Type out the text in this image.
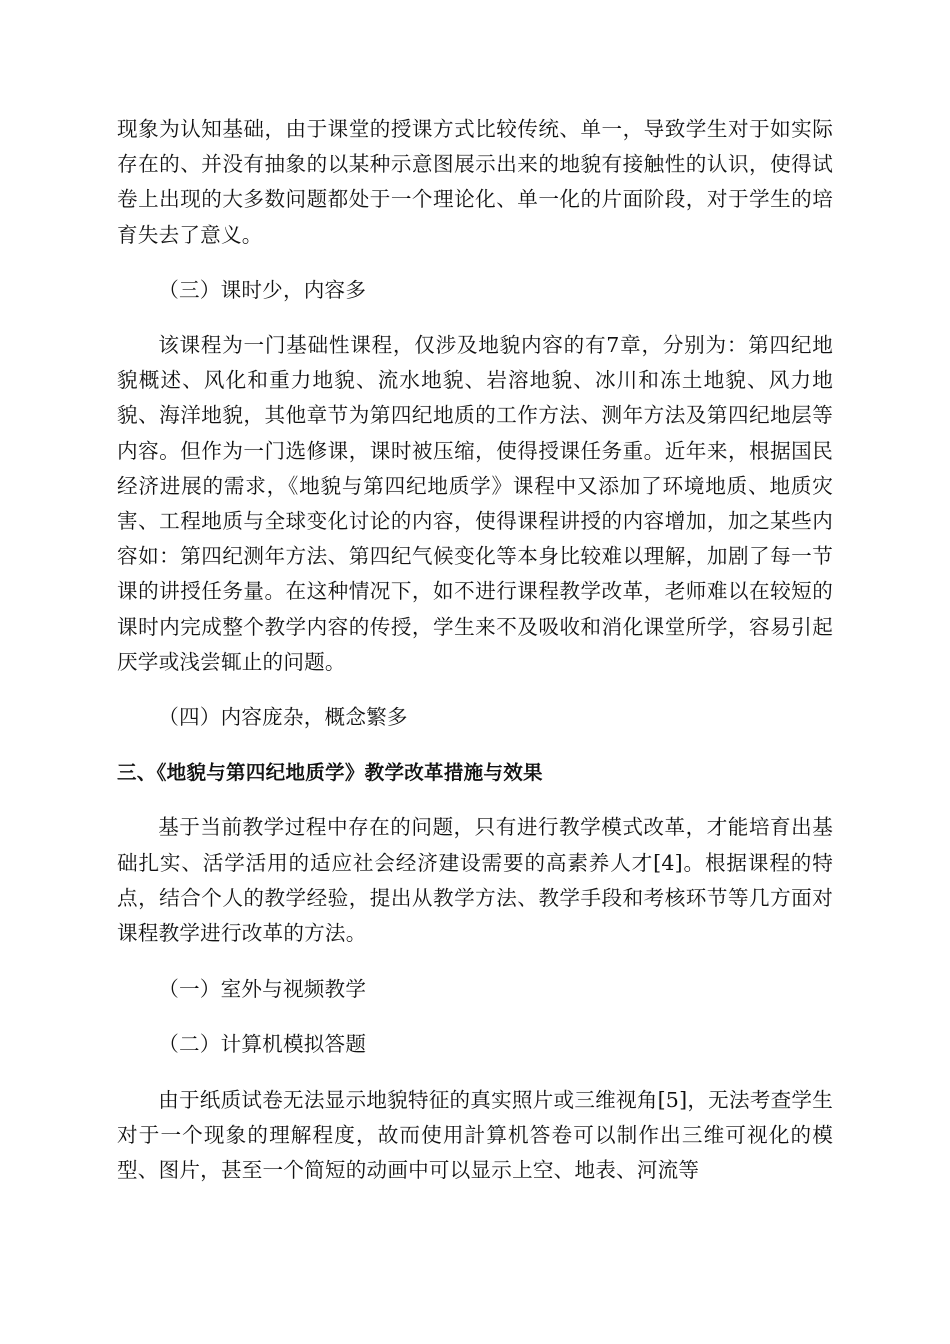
现象为认知基础，由于课堂的授课方式比较传统、单一，导致学生对于如实际存在的、并没有抽象的以某种示意图展示出来的地貌有接触性的认识，使得试卷上出现的大多数问题都处于一个理论化、单一化的片面阶段，对于学生的培育失去了意义。

（三）课时少，内容多

该课程为一门基础性课程，仅涉及地貌内容的有7章，分别为：第四纪地貌概述、风化和重力地貌、流水地貌、岩溶地貌、冰川和冻土地貌、风力地貌、海洋地貌，其他章节为第四纪地质的工作方法、测年方法及第四纪地层等内容。但作为一门选修课，课时被压缩，使得授课任务重。近年来，根据国民经济进展的需求，《地貌与第四纪地质学》课程中又添加了环境地质、地质灾害、工程地质与全球变化讨论的内容，使得课程讲授的内容增加，加之某些内容如：第四纪测年方法、第四纪气候变化等本身比较难以理解，加剧了每一节课的讲授任务量。在这种情况下，如不进行课程教学改革，老师难以在较短的课时内完成整个教学内容的传授，学生来不及吸收和消化课堂所学，容易引起厌学或浅尝辄止的问题。

（四）内容庞杂，概念繁多

三、《地貌与第四纪地质学》教学改革措施与效果

基于当前教学过程中存在的问题，只有进行教学模式改革，才能培育出基础扎实、活学活用的适应社会经济建设需要的高素养人才[4]。根据课程的特点，结合个人的教学经验，提出从教学方法、教学手段和考核环节等几方面对课程教学进行改革的方法。

（一）室外与视频教学

（二）计算机模拟答题

由于纸质试卷无法显示地貌特征的真实照片或三维视角[5]，无法考查学生对于一个现象的理解程度，故而使用計算机答卷可以制作出三维可视化的模型、图片，甚至一个简短的动画中可以显示上空、地表、河流等
